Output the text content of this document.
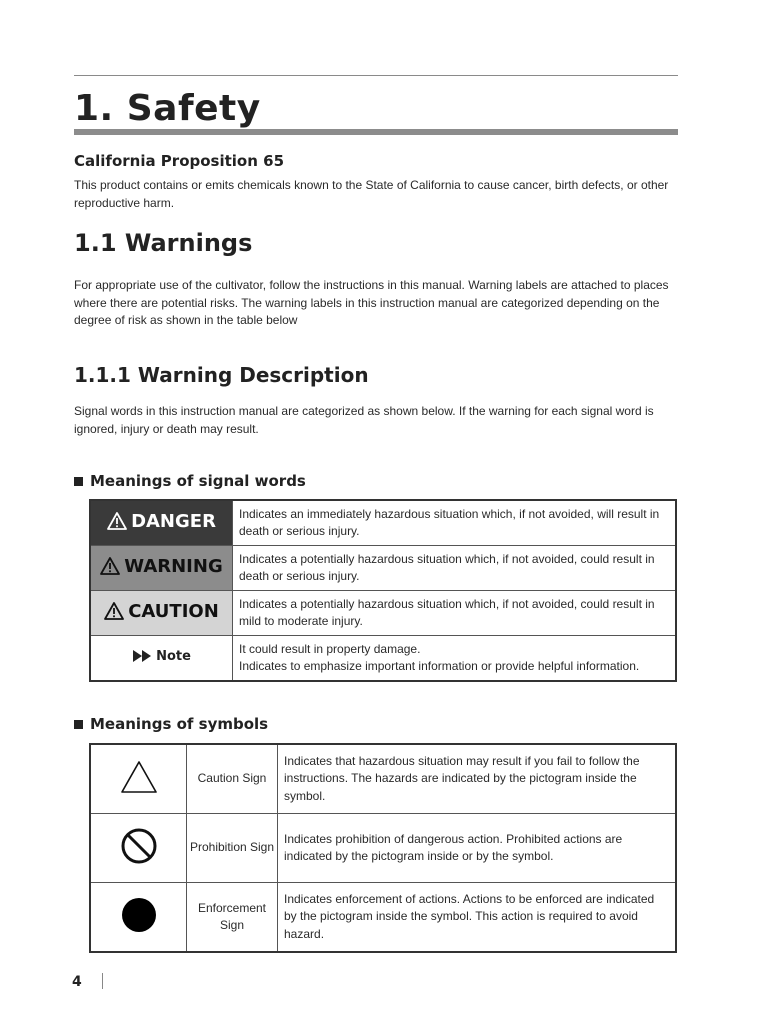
1. Safety
California Proposition 65

This product contains or emits chemicals known to the State of California to cause cancer, birth defects, or other reproductive harm.

1.1 Warnings

For appropriate use of the cultivator, follow the instructions in this manual. Warning labels are attached to places where there are potential risks. The warning labels in this instruction manual are categorized depending on the degree of risk as shown in the table below

1.1.1 Warning Description

Signal words in this instruction manual are categorized as shown below. If the warning for each signal word is ignored, injury or death may result.

Meanings of signal words
DANGER	Indicates an immediately hazardous situation which, if not avoided, will result in death or serious injury.

WARNING	Indicates a potentially hazardous situation which, if not avoided, could result in death or serious injury.

CAUTION	Indicates a potentially hazardous situation which, if not avoided, could result in mild to moderate injury.

Note	It could result in property damage.
Indicates to emphasize important information or provide helpful information.
Meanings of symbols
	Caution Sign	Indicates that hazardous situation may result if you fail to follow the instructions. The hazards are indicated by the pictogram inside the symbol.
	Prohibition Sign	Indicates prohibition of dangerous action. Prohibited actions are indicated by the pictogram inside or by the symbol.
	Enforcement Sign	Indicates enforcement of actions. Actions to be enforced are indicated by the pictogram inside the symbol. This action is required to avoid hazard.
4
